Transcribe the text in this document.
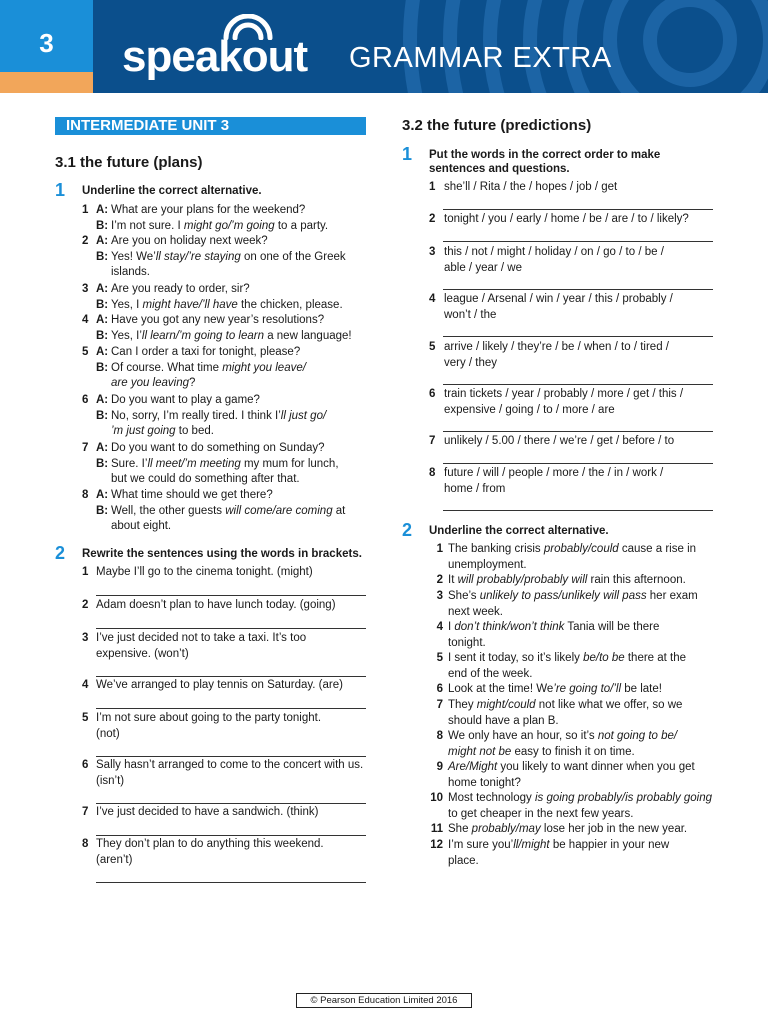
3	speakout GRAMMAR EXTRA
INTERMEDIATE UNIT 3
3.1 the future (plans)
1 Underline the correct alternative.
1 A: What are your plans for the weekend?
B: I’m not sure. I might go/’m going to a party.
2 A: Are you on holiday next week?
B: Yes! We’ll stay/’re staying on one of the Greek
islands.
3 A: Are you ready to order, sir?
B: Yes, I might have/’ll have the chicken, please.
4 A: Have you got any new year’s resolutions?
B: Yes, I’ll learn/’m going to learn a new language!
5 A: Can I order a taxi for tonight, please?
B: Of course. What time might you leave/
are you leaving?
6 A: Do you want to play a game?
B: No, sorry, I’m really tired. I think I’ll just go/
’m just going to bed.
7 A: Do you want to do something on Sunday?
B: Sure. I’ll meet/’m meeting my mum for lunch,
but we could do something after that.
8 A: What time should we get there?
B: Well, the other guests will come/are coming at
about eight.
2 Rewrite the sentences using the words in brackets.
1 Maybe I’ll go to the cinema tonight. (might)
2 Adam doesn’t plan to have lunch today. (going)
3 I’ve just decided not to take a taxi. It’s too
expensive. (won’t)
4 We’ve arranged to play tennis on Saturday. (are)
5 I’m not sure about going to the party tonight.
(not)
6 Sally hasn’t arranged to come to the concert with us.
(isn’t)
7 I’ve just decided to have a sandwich. (think)
8 They don’t plan to do anything this weekend.
(aren’t)
3.2 the future (predictions)
1 Put the words in the correct order to make
sentences and questions.
1 she’ll / Rita / the / hopes / job / get
2 tonight / you / early / home / be / are / to / likely?
3 this / not / might / holiday / on / go / to / be /
able / year / we
4 league / Arsenal / win / year / this / probably /
won’t / the
5 arrive / likely / they’re / be / when / to / tired /
very / they
6 train tickets / year / probably / more / get / this /
expensive / going / to / more / are
7 unlikely / 5.00 / there / we’re / get / before / to
8 future / will / people / more / the / in / work /
home / from
2 Underline the correct alternative.
1 The banking crisis probably/could cause a rise in
unemployment.
2 It will probably/probably will rain this afternoon.
3 She’s unlikely to pass/unlikely will pass her exam
next week.
4 I don’t think/won’t think Tania will be there
tonight.
5 I sent it today, so it’s likely be/to be there at the
end of the week.
6 Look at the time! We’re going to/’ll be late!
7 They might/could not like what we offer, so we
should have a plan B.
8 We only have an hour, so it’s not going to be/
might not be easy to finish it on time.
9 Are/Might you likely to want dinner when you get
home tonight?
10 Most technology is going probably/is probably going
to get cheaper in the next few years.
11 She probably/may lose her job in the new year.
12 I’m sure you’ll/might be happier in your new
place.
© Pearson Education Limited 2016
